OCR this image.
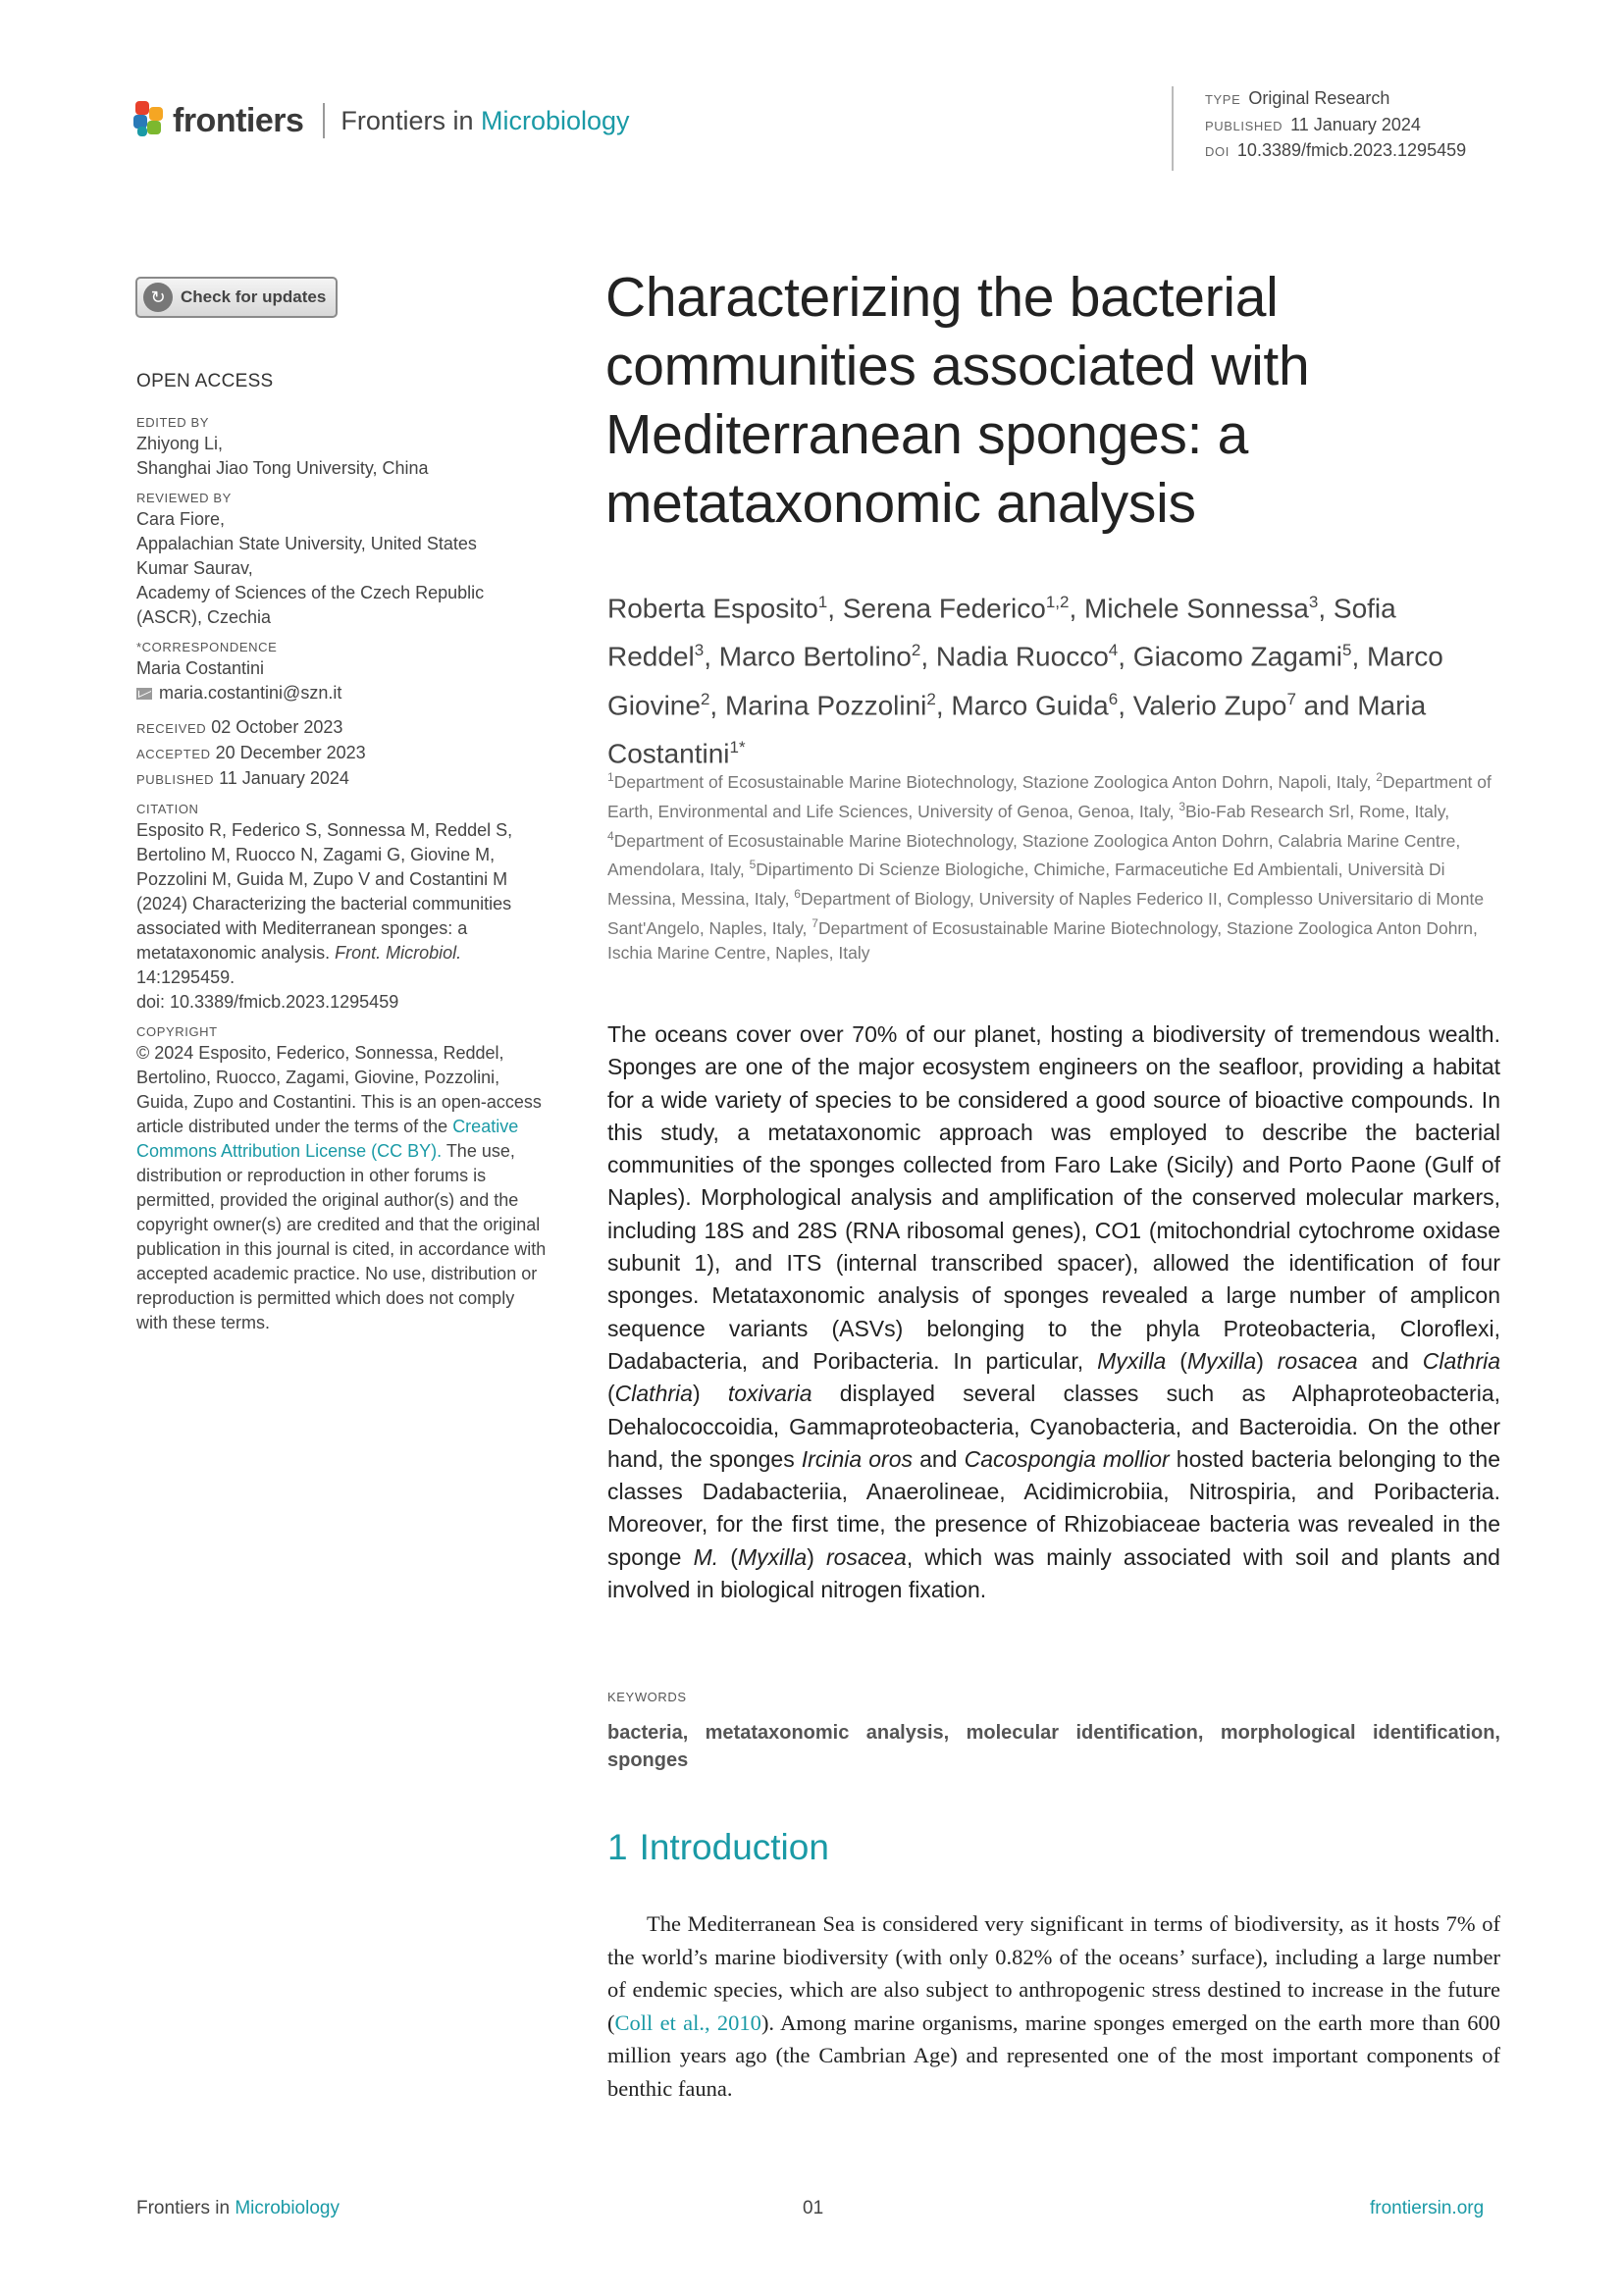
frontiers Frontiers in Microbiology
TYPE Original Research
PUBLISHED 11 January 2024
DOI 10.3389/fmicb.2023.1295459
↻ Check for updates
OPEN ACCESS
EDITED BY
Zhiyong Li,
Shanghai Jiao Tong University, China
REVIEWED BY
Cara Fiore,
Appalachian State University, United States
Kumar Saurav,
Academy of Sciences of the Czech Republic (ASCR), Czechia
*CORRESPONDENCE
Maria Costantini
maria.costantini@szn.it
RECEIVED 02 October 2023
ACCEPTED 20 December 2023
PUBLISHED 11 January 2024
CITATION
Esposito R, Federico S, Sonnessa M, Reddel S, Bertolino M, Ruocco N, Zagami G, Giovine M, Pozzolini M, Guida M, Zupo V and Costantini M (2024) Characterizing the bacterial communities associated with Mediterranean sponges: a metataxonomic analysis. Front. Microbiol. 14:1295459.
doi: 10.3389/fmicb.2023.1295459
COPYRIGHT
© 2024 Esposito, Federico, Sonnessa, Reddel, Bertolino, Ruocco, Zagami, Giovine, Pozzolini, Guida, Zupo and Costantini. This is an open-access article distributed under the terms of the Creative Commons Attribution License (CC BY). The use, distribution or reproduction in other forums is permitted, provided the original author(s) and the copyright owner(s) are credited and that the original publication in this journal is cited, in accordance with accepted academic practice. No use, distribution or reproduction is permitted which does not comply with these terms.
Characterizing the bacterial communities associated with Mediterranean sponges: a metataxonomic analysis
Roberta Esposito$^1$, Serena Federico$^{1,2}$, Michele Sonnessa$^3$, Sofia Reddel$^3$, Marco Bertolino$^2$, Nadia Ruocco$^4$, Giacomo Zagami$^5$, Marco Giovine$^2$, Marina Pozzolini$^2$, Marco Guida$^6$, Valerio Zupo$^7$ and Maria Costantini$^{1*}$
$^1$Department of Ecosustainable Marine Biotechnology, Stazione Zoologica Anton Dohrn, Napoli, Italy, $^2$Department of Earth, Environmental and Life Sciences, University of Genoa, Genoa, Italy, $^3$Bio-Fab Research Srl, Rome, Italy, $^4$Department of Ecosustainable Marine Biotechnology, Stazione Zoologica Anton Dohrn, Calabria Marine Centre, Amendolara, Italy, $^5$Dipartimento Di Scienze Biologiche, Chimiche, Farmaceutiche Ed Ambientali, Università Di Messina, Messina, Italy, $^6$Department of Biology, University of Naples Federico II, Complesso Universitario di Monte Sant'Angelo, Naples, Italy, $^7$Department of Ecosustainable Marine Biotechnology, Stazione Zoologica Anton Dohrn, Ischia Marine Centre, Naples, Italy
The oceans cover over 70% of our planet, hosting a biodiversity of tremendous wealth. Sponges are one of the major ecosystem engineers on the seafloor, providing a habitat for a wide variety of species to be considered a good source of bioactive compounds. In this study, a metataxonomic approach was employed to describe the bacterial communities of the sponges collected from Faro Lake (Sicily) and Porto Paone (Gulf of Naples). Morphological analysis and amplification of the conserved molecular markers, including 18S and 28S (RNA ribosomal genes), CO1 (mitochondrial cytochrome oxidase subunit 1), and ITS (internal transcribed spacer), allowed the identification of four sponges. Metataxonomic analysis of sponges revealed a large number of amplicon sequence variants (ASVs) belonging to the phyla Proteobacteria, Cloroflexi, Dadabacteria, and Poribacteria. In particular, Myxilla (Myxilla) rosacea and Clathria (Clathria) toxivaria displayed several classes such as Alphaproteobacteria, Dehalococcoidia, Gammaproteobacteria, Cyanobacteria, and Bacteroidia. On the other hand, the sponges Ircinia oros and Cacospongia mollior hosted bacteria belonging to the classes Dadabacteriia, Anaerolineae, Acidimicrobiia, Nitrospiria, and Poribacteria. Moreover, for the first time, the presence of Rhizobiaceae bacteria was revealed in the sponge M. (Myxilla) rosacea, which was mainly associated with soil and plants and involved in biological nitrogen fixation.
KEYWORDS
bacteria, metataxonomic analysis, molecular identification, morphological identification, sponges
1 Introduction

The Mediterranean Sea is considered very significant in terms of biodiversity, as it hosts 7% of the world’s marine biodiversity (with only 0.82% of the oceans’ surface), including a large number of endemic species, which are also subject to anthropogenic stress destined to increase in the future (Coll et al., 2010). Among marine organisms, marine sponges emerged on the earth more than 600 million years ago (the Cambrian Age) and represented one of the most important components of benthic fauna.

Frontiers in Microbiology	01	frontiersin.org
